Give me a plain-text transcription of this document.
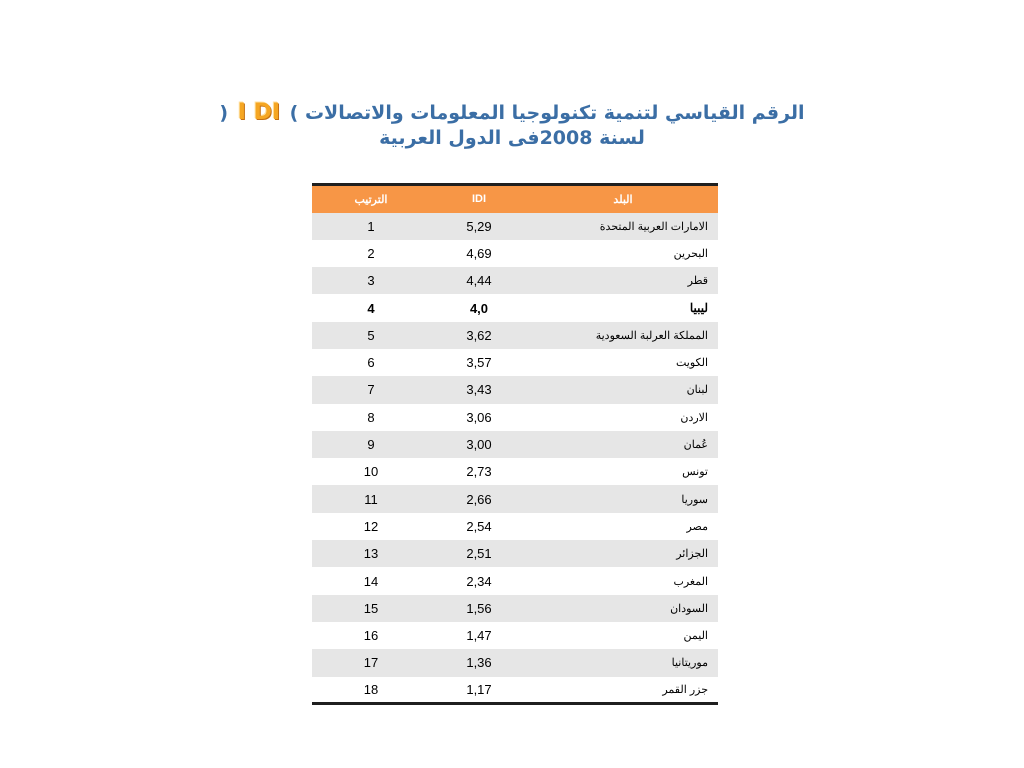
) I DI ( الرقم القياسي لتنمية تكنولوجيا المعلومات والاتصالات
لسنة 2008فى الدول العربية
الترتيب	IDI	البلد
1	5,29	الامارات العربية المتحدة
2	4,69	البحرين
3	4,44	قطر
4	4,0	ليبيا
5	3,62	المملكة العرلبة السعودية
6	3,57	الكويت
7	3,43	لبنان
8	3,06	الاردن
9	3,00	عُمان
10	2,73	تونس
11	2,66	سوريا
12	2,54	مصر
13	2,51	الجزائر
14	2,34	المغرب
15	1,56	السودان
16	1,47	اليمن
17	1,36	موريتانيا
18	1,17	جزر القمر
